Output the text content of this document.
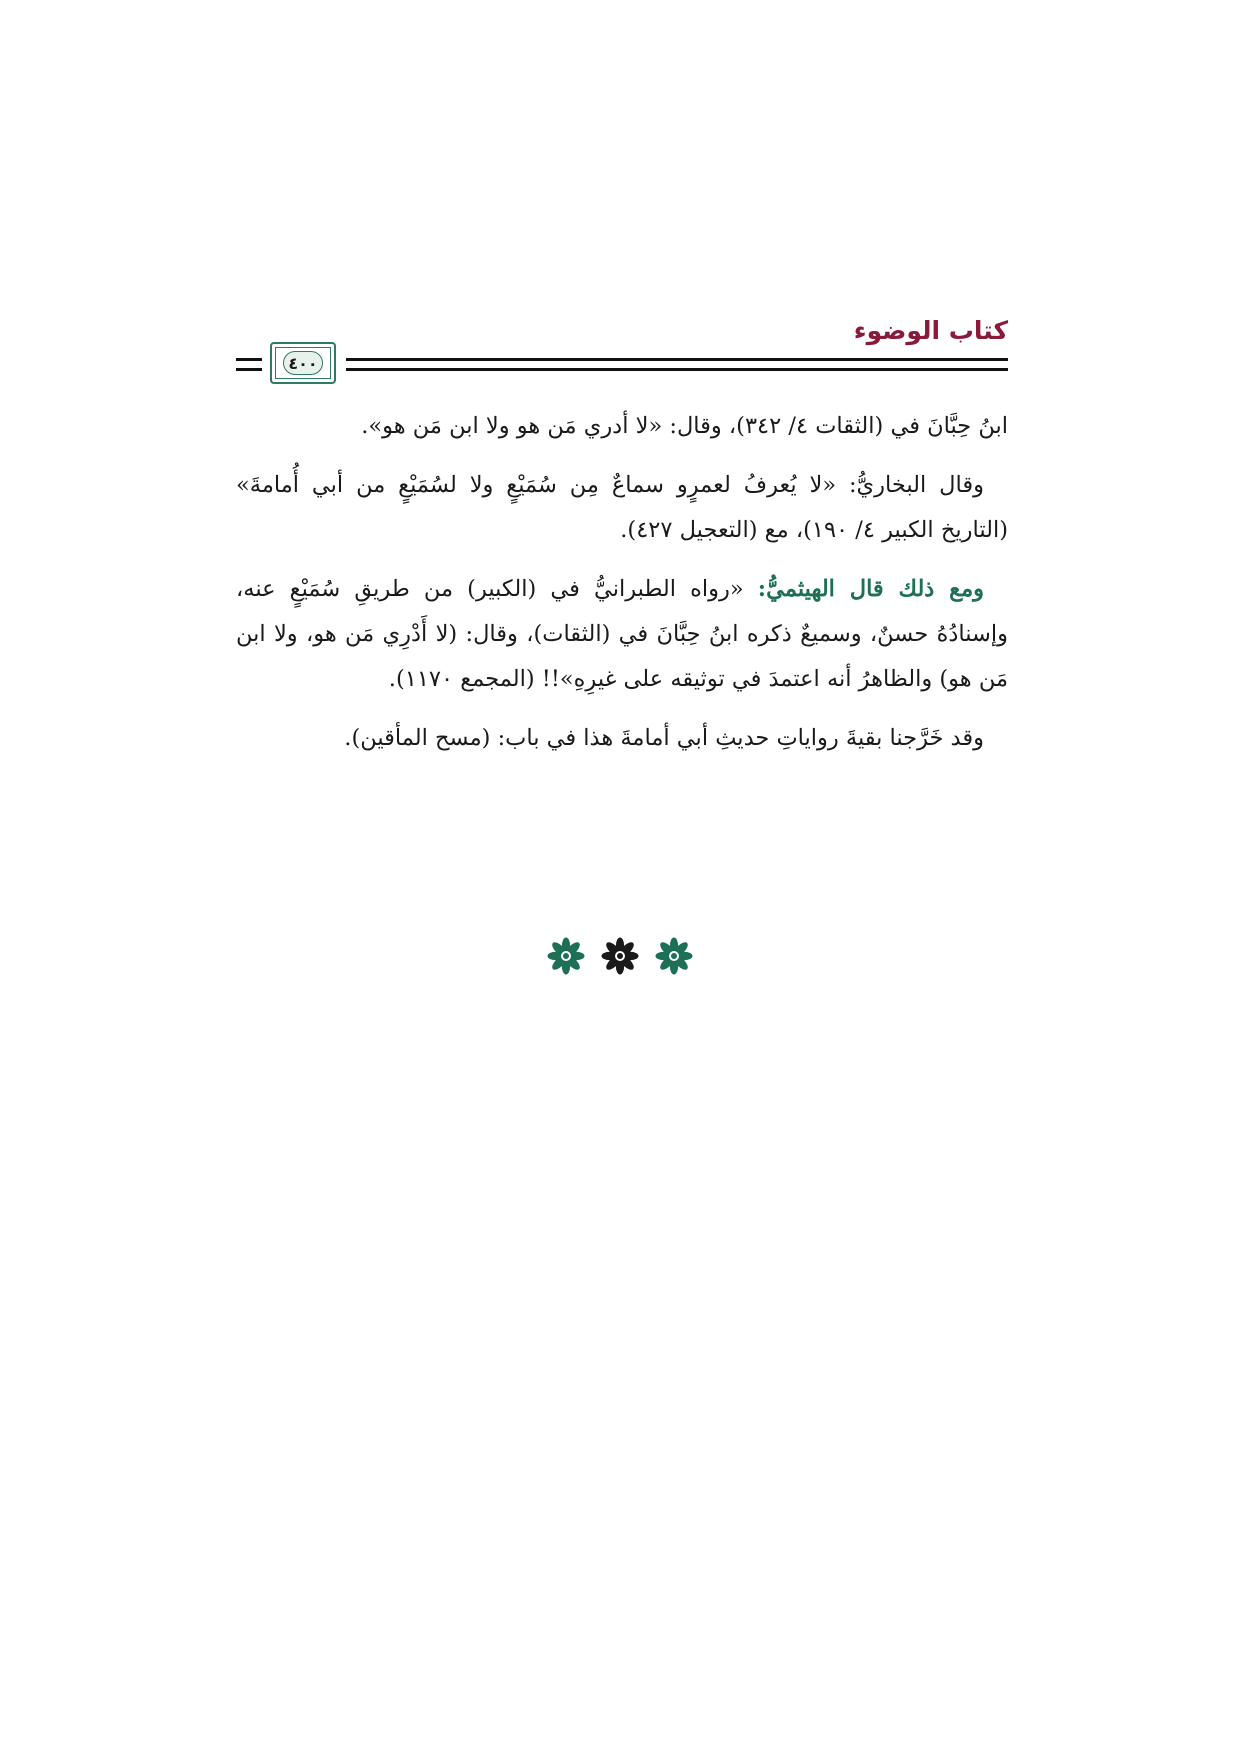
كتاب الوضوء
٤٠٠

ابنُ حِبَّانَ في (الثقات ٤/ ٣٤٢)، وقال: «لا أدري مَن هو ولا ابن مَن هو».

وقال البخاريُّ: «لا يُعرفُ لعمرٍو سماعٌ مِن سُمَيْعٍ ولا لسُمَيْعٍ من أبي أُمامةَ» (التاريخ الكبير ٤/ ١٩٠)، مع (التعجيل ٤٢٧).

ومع ذلك قال الهيثميُّ: «رواه الطبرانيُّ في (الكبير) من طريقِ سُمَيْعٍ عنه، وإسنادُهُ حسنٌ، وسميعٌ ذكره ابنُ حِبَّانَ في (الثقات)، وقال: (لا أَدْرِي مَن هو، ولا ابن مَن هو) والظاهرُ أنه اعتمدَ في توثيقه على غيرِهِ»!! (المجمع ١١٧٠).

وقد خَرَّجنا بقيةَ رواياتِ حديثِ أبي أمامةَ هذا في باب: (مسح المأقين).
